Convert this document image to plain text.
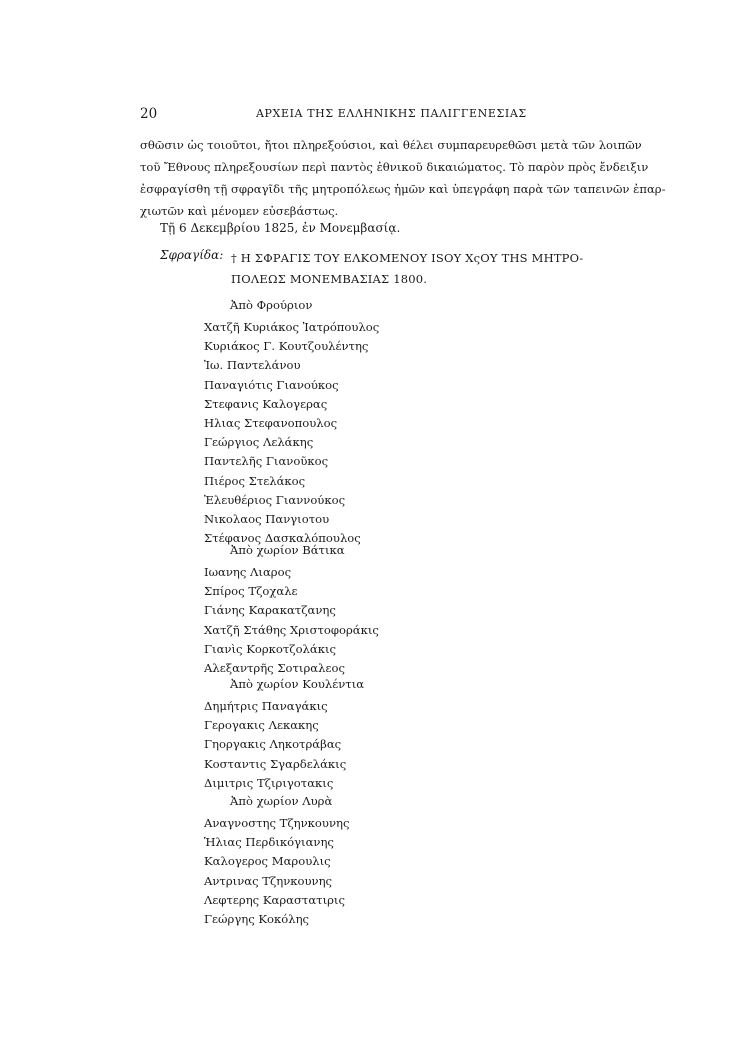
20	ΑΡΧΕΙΑ ΤΗΣ ΕΛΛΗΝΙΚΗΣ ΠΑΛΙΓΓΕΝΕΣΙΑΣ
σθῶσιν ὡς τοιοῦτοι, ἤτοι πληρεξούσιοι, καὶ θέλει συμπαρευρεθῶσι μετὰ τῶν λοιπῶν
τοῦ Ἔθνους πληρεξουσίων περὶ παντὸς ἐθνικοῦ δικαιώματος. Τὸ παρὸν πρὸς ἔνδειξιν
ἐσφραγίσθη τῇ σφραγῖδι τῆς μητροπόλεως ἡμῶν καὶ ὑπεγράφη παρὰ τῶν ταπεινῶν ἐπαρ-
χιωτῶν καὶ μένομεν εὐσεβάστως.
Τῇ 6 Δεκεμβρίου 1825, ἐν Μονεμβασίᾳ.
Σφραγίδα: † Η ΣΦΡΑΓΙΣ ΤΟΥ ΕΛΚΟΜΕΝΟΥ ISOY XςOY THS ΜΗΤΡΟ-
ΠΟΛΕΩΣ ΜΟΝΕΜΒΑΣΙΑΣ 1800.
Ἀπὸ Φρούριον
Χατζῆ Κυριάκος Ἰατρόπουλος
Κυριάκος Γ. Κουτζουλέντης
Ἰω. Παντελάνου
Παναγιότις Γιανούκος
Στεφανις Καλογερας
Ηλιας Στεφανοπουλος
Γεώργιος Λελάκης
Παντελῆς Γιανοῦκος
Πιέρος Στελάκος
Ἐλευθέριος Γιαννούκος
Νικολαος Πανγιοτου
Στέφανος Δασκαλόπουλος
Ἀπὸ χωρίον Βάτικα
Ιωανης Λιαρος
Σπίρος Τζοχαλε
Γιάνης Καρακατζανης
Χατζῆ Στάθης Χριστοφοράκις
Γιανὶς Κορκοτζολάκις
Αλεξαντρῆς Σοτιραλεος
Ἀπὸ χωρίον Κουλέντια
Δημήτρις Παναγάκις
Γερογακις Λεκακης
Γηοργακις Ληκοτράβας
Κοσταντις Σγαρδελάκις
Διμιτρις Τζιριγοτακις
Ἀπὸ χωρίον Λυρὰ
Αναγνοστης Τζηνκουνης
Ἡλιας Περδικόγιανης
Καλογερος Μαρουλις
Αντρινας Τζηνκουνης
Λεφτερης Καραστατιρις
Γεώργης Κοκόλης
